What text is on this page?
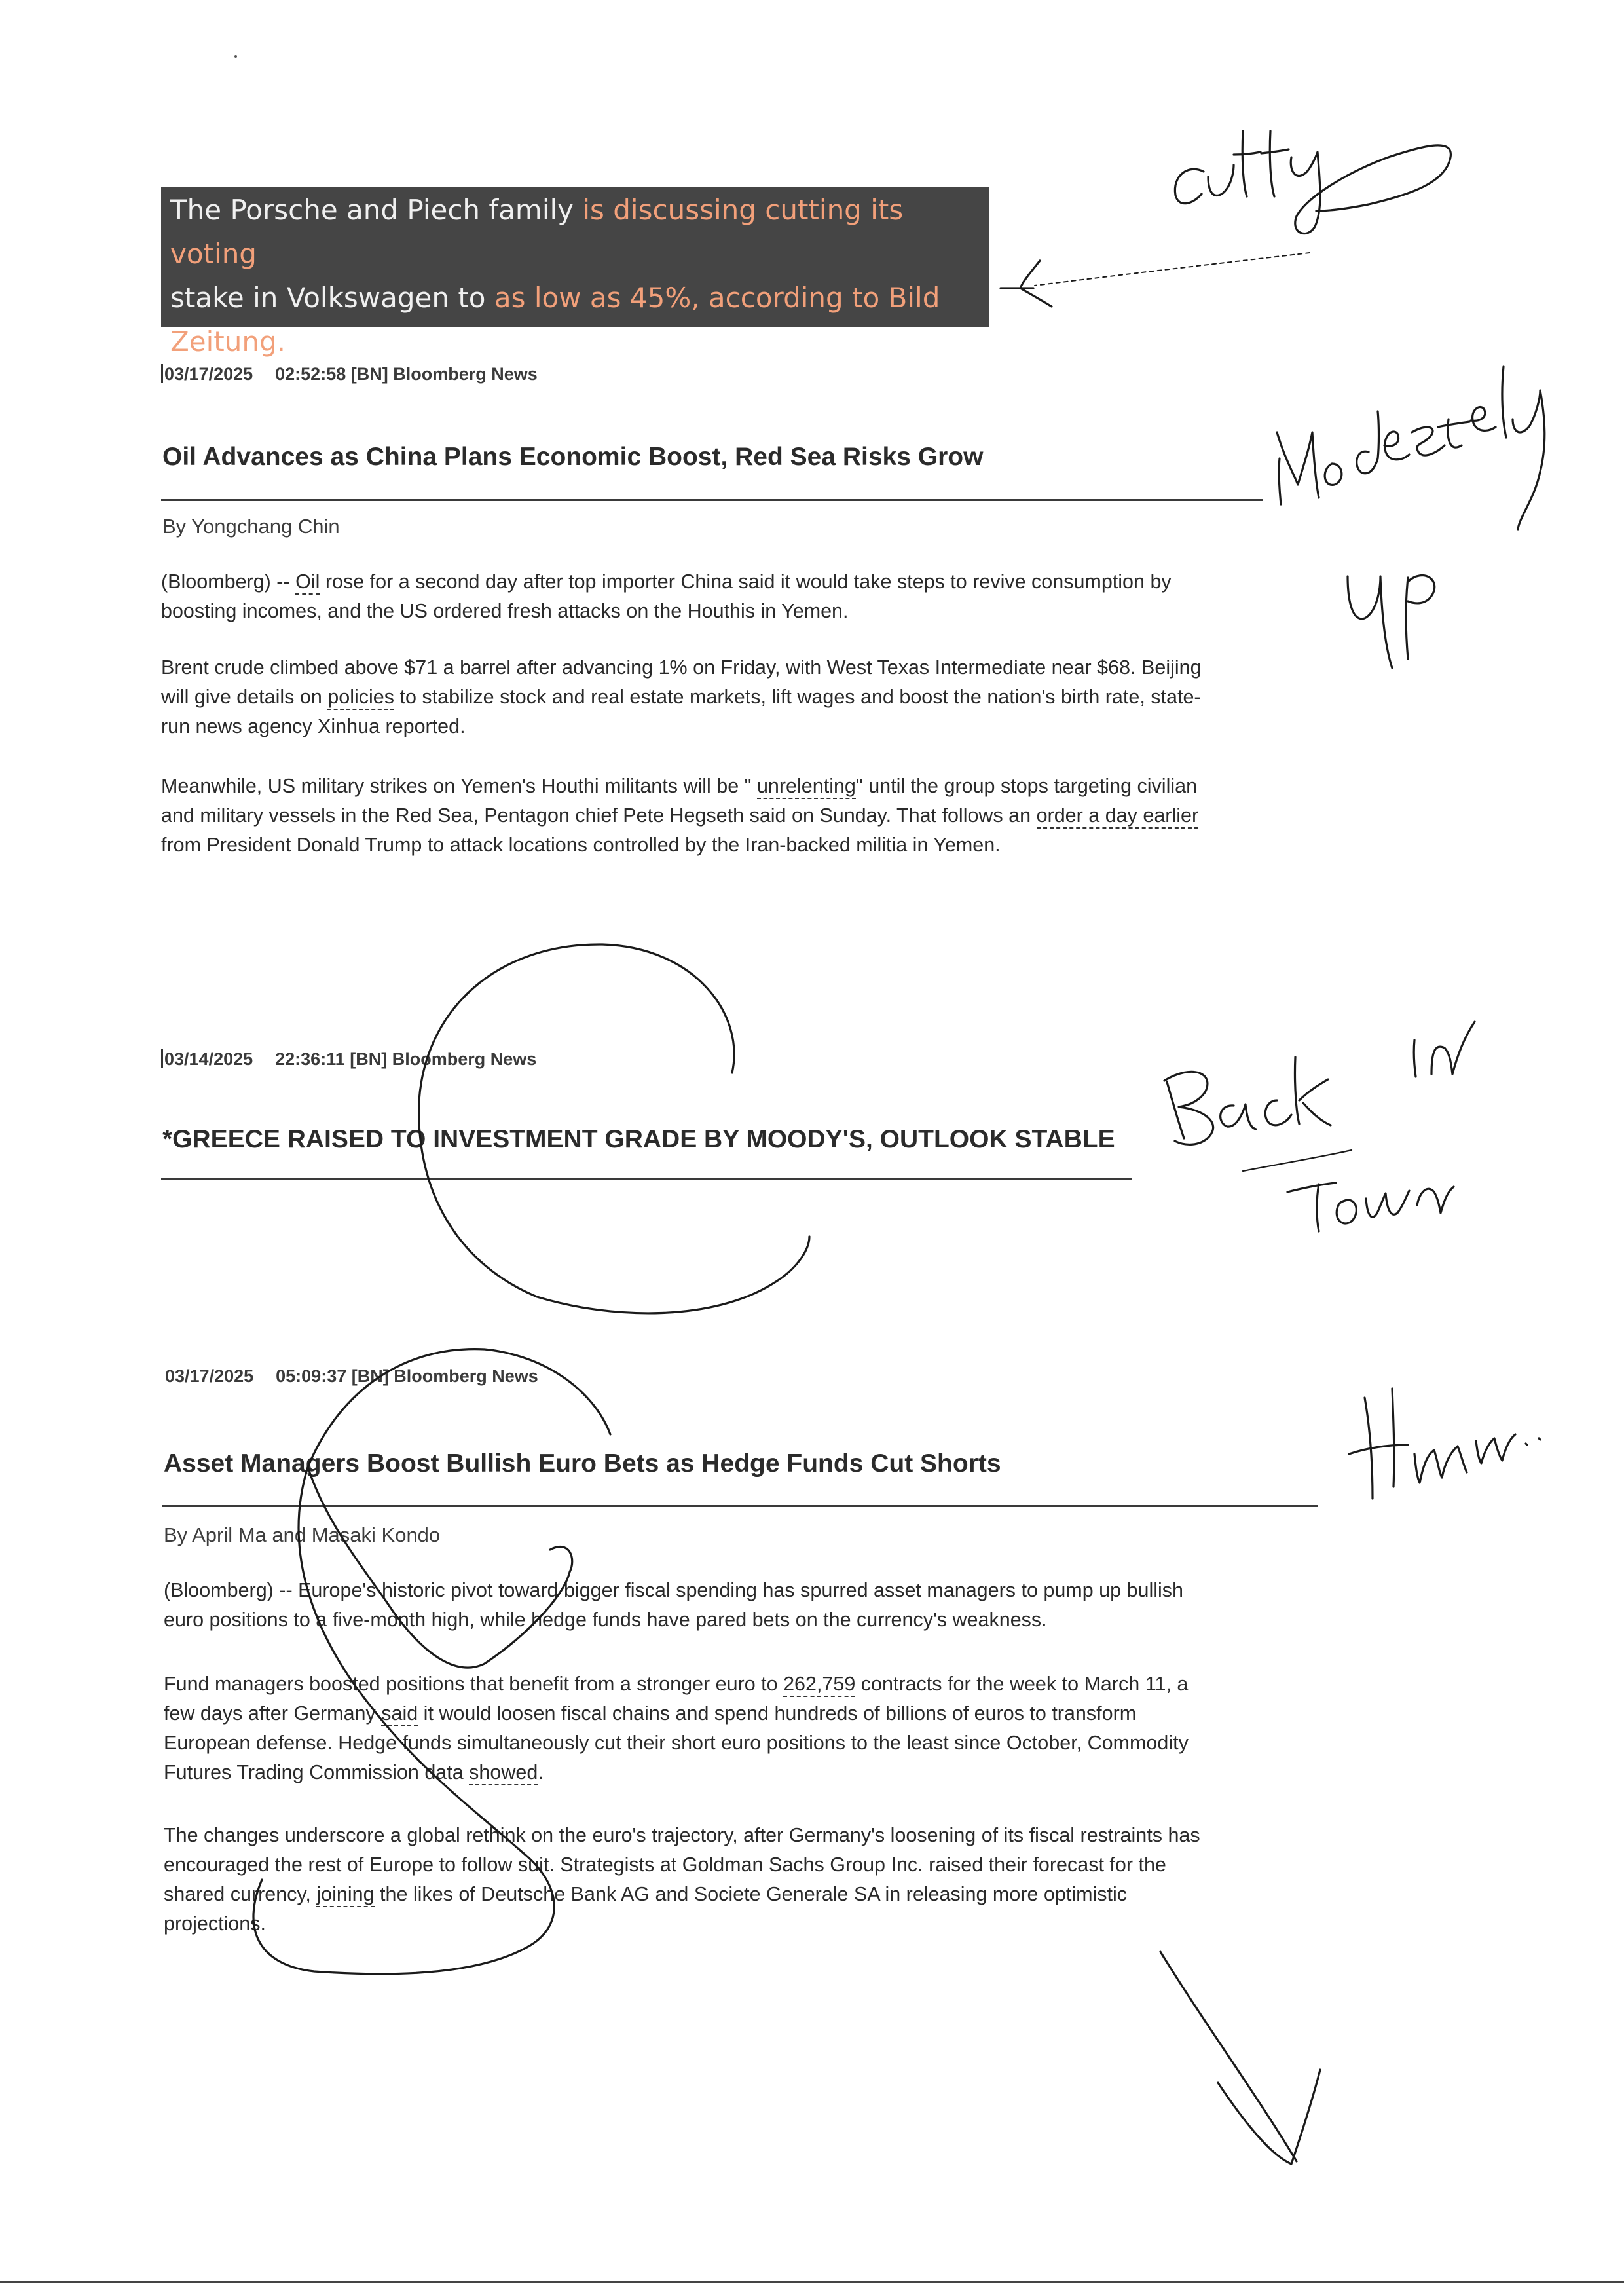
The Porsche and Piech family is discussing cutting its voting
stake in Volkswagen to as low as 45%, according to Bild
Zeitung.
03/17/2025 02:52:58 [BN] Bloomberg News
Oil Advances as China Plans Economic Boost, Red Sea Risks Grow
By Yongchang Chin
(Bloomberg) -- Oil rose for a second day after top importer China said it would take steps to revive consumption by
boosting incomes, and the US ordered fresh attacks on the Houthis in Yemen.
Brent crude climbed above $71 a barrel after advancing 1% on Friday, with West Texas Intermediate near $68. Beijing
will give details on policies to stabilize stock and real estate markets, lift wages and boost the nation's birth rate, state-
run news agency Xinhua reported.
Meanwhile, US military strikes on Yemen's Houthi militants will be " unrelenting" until the group stops targeting civilian
and military vessels in the Red Sea, Pentagon chief Pete Hegseth said on Sunday. That follows an order a day earlier
from President Donald Trump to attack locations controlled by the Iran-backed militia in Yemen.
03/14/2025 22:36:11 [BN] Bloomberg News
*GREECE RAISED TO INVESTMENT GRADE BY MOODY'S, OUTLOOK STABLE
03/17/2025 05:09:37 [BN] Bloomberg News
Asset Managers Boost Bullish Euro Bets as Hedge Funds Cut Shorts
By April Ma and Masaki Kondo
(Bloomberg) -- Europe's historic pivot toward bigger fiscal spending has spurred asset managers to pump up bullish
euro positions to a five-month high, while hedge funds have pared bets on the currency's weakness.
Fund managers boosted positions that benefit from a stronger euro to 262,759 contracts for the week to March 11, a
few days after Germany said it would loosen fiscal chains and spend hundreds of billions of euros to transform
European defense. Hedge funds simultaneously cut their short euro positions to the least since October, Commodity
Futures Trading Commission data showed.
The changes underscore a global rethink on the euro's trajectory, after Germany's loosening of its fiscal restraints has
encouraged the rest of Europe to follow suit. Strategists at Goldman Sachs Group Inc. raised their forecast for the
shared currency, joining the likes of Deutsche Bank AG and Societe Generale SA in releasing more optimistic
projections.
